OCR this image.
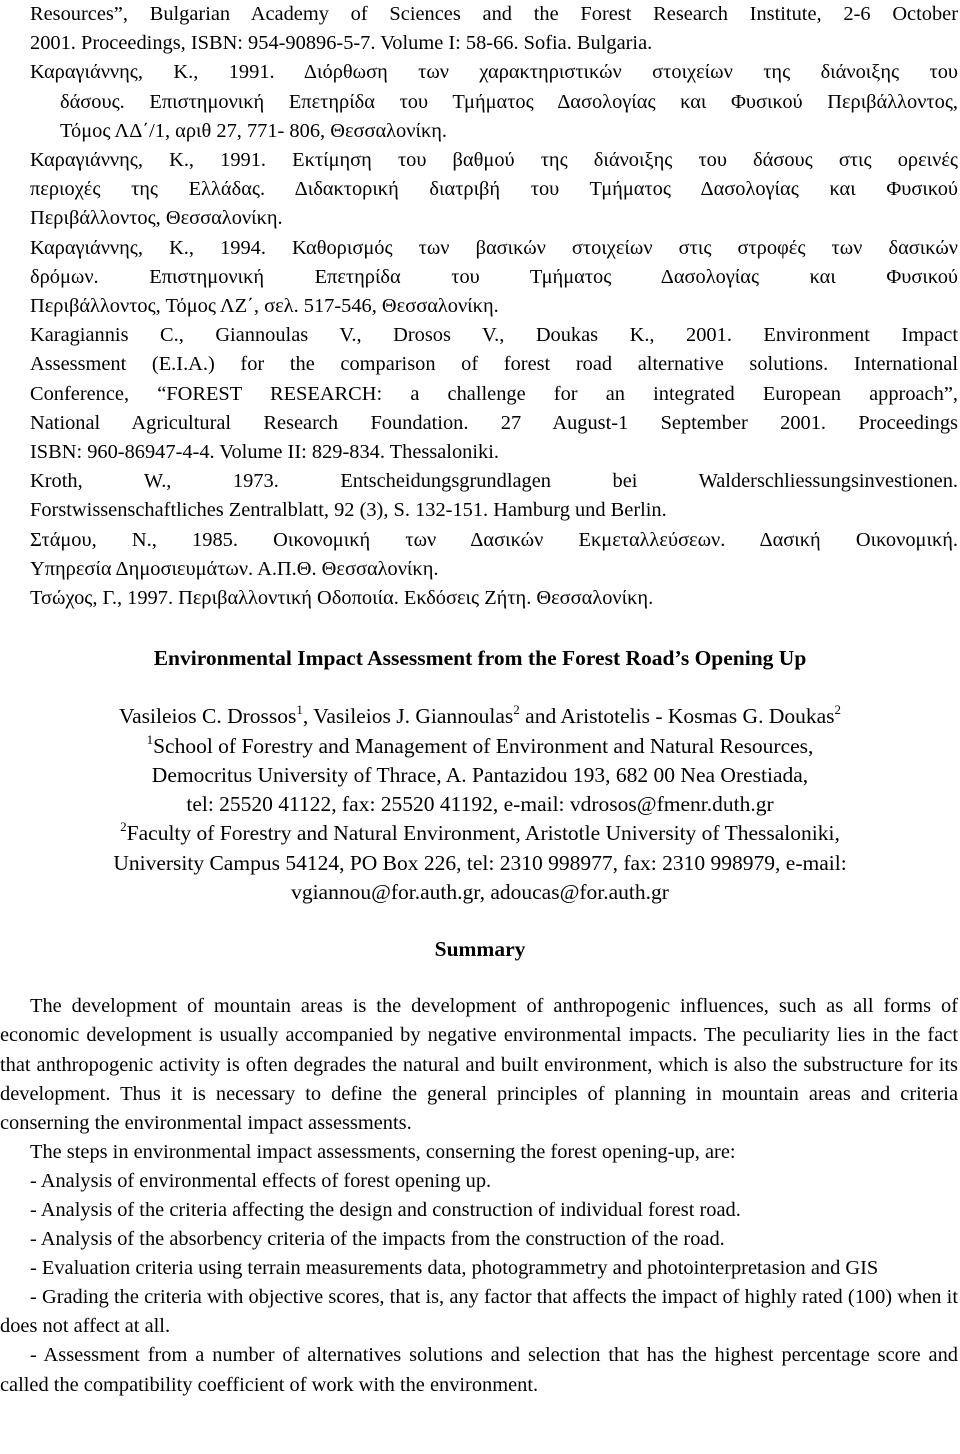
Resources”, Bulgarian Academy of Sciences and the Forest Research Institute, 2-6 October
2001. Proceedings, ISBN: 954-90896-5-7. Volume I: 58-66. Sofia. Bulgaria.
Καραγιάννης, Κ., 1991. Διόρθωση των χαρακτηριστικών στοιχείων της διάνοιξης του
δάσους. Επιστημονική Επετηρίδα του Τμήματος Δασολογίας και Φυσικού Περιβάλλοντος,
Τόμος ΛΔ΄/1, αριθ 27, 771- 806, Θεσσαλονίκη.
Καραγιάννης, Κ., 1991. Εκτίμηση του βαθμού της διάνοιξης του δάσους στις ορεινές
περιοχές της Ελλάδας. Διδακτορική διατριβή του Τμήματος Δασολογίας και Φυσικού
Περιβάλλοντος, Θεσσαλονίκη.
Καραγιάννης, Κ., 1994. Καθορισμός των βασικών στοιχείων στις στροφές των δασικών
δρόμων. Επιστημονική Επετηρίδα του Τμήματος Δασολογίας και Φυσικού
Περιβάλλοντος, Τόμος ΛΖ΄, σελ. 517-546, Θεσσαλονίκη.
Karagiannis C., Giannoulas V., Drosos V., Doukas K., 2001. Environment Impact
Assessment (E.I.A.) for the comparison of forest road alternative solutions. International
Conference, “FOREST RESEARCH: a challenge for an integrated European approach”,
National Agricultural Research Foundation. 27 August-1 September 2001. Proceedings
ISBN: 960-86947-4-4. Volume II: 829-834. Thessaloniki.
Kroth, W., 1973. Entscheidungsgrundlagen bei Walderschliessungsinvestionen.
Forstwissenschaftliches Zentralblatt, 92 (3), S. 132-151. Hamburg und Berlin.
Στάμου, Ν., 1985. Οικονομική των Δασικών Εκμεταλλεύσεων. Δασική Οικονομική.
Υπηρεσία Δημοσιευμάτων. Α.Π.Θ. Θεσσαλονίκη.
Τσώχος, Γ., 1997. Περιβαλλοντική Οδοποιία. Εκδόσεις Ζήτη. Θεσσαλονίκη.
Environmental Impact Assessment from the Forest Road’s Opening Up
Vasileios C. Drossos$^1$, Vasileios J. Giannoulas$^2$ and Aristotelis - Kosmas G. Doukas$^2$
$^1$School of Forestry and Management of Environment and Natural Resources,
Democritus University of Thrace, A. Pantazidou 193, 682 00 Nea Orestiada,
tel: 25520 41122, fax: 25520 41192, e-mail: vdrosos@fmenr.duth.gr
$^2$Faculty of Forestry and Natural Environment, Aristotle University of Thessaloniki,
University Campus 54124, PO Box 226, tel: 2310 998977, fax: 2310 998979, e-mail:
vgiannou@for.auth.gr, adoucas@for.auth.gr
Summary
The development of mountain areas is the development of anthropogenic influences, such as all forms of economic development is usually accompanied by negative environmental impacts. The peculiarity lies in the fact that anthropogenic activity is often degrades the natural and built environment, which is also the substructure for its development. Thus it is necessary to define the general principles of planning in mountain areas and criteria conserning the environmental impact assessments.
The steps in environmental impact assessments, conserning the forest opening-up, are:
- Analysis of environmental effects of forest opening up.
- Analysis of the criteria affecting the design and construction of individual forest road.
- Analysis of the absorbency criteria of the impacts from the construction of the road.
- Evaluation criteria using terrain measurements data, photogrammetry and photointerpretasion and GIS
- Grading the criteria with objective scores, that is, any factor that affects the impact of highly rated (100) when it does not affect at all.
- Assessment from a number of alternatives solutions and selection that has the highest percentage score and called the compatibility coefficient of work with the environment.
